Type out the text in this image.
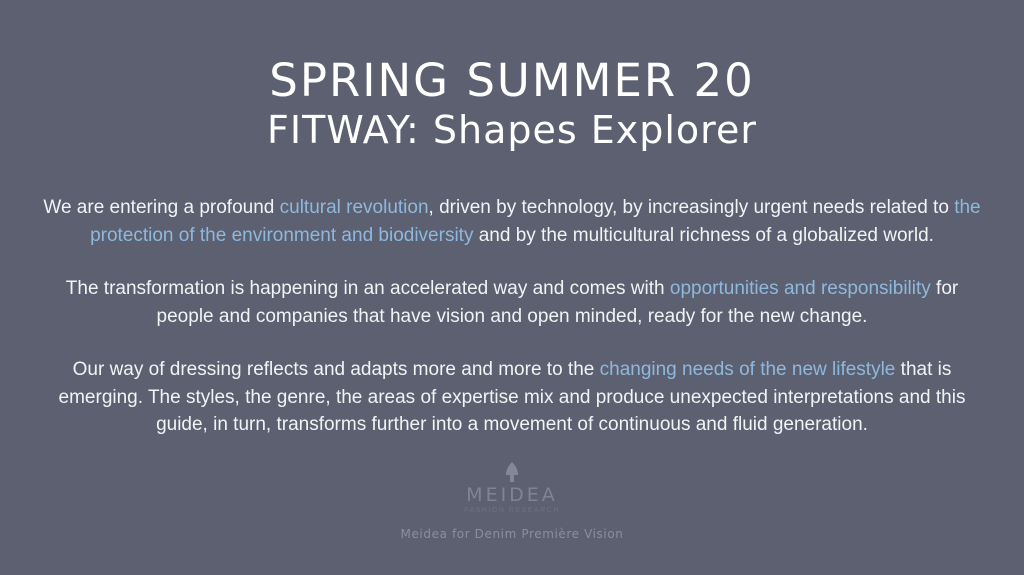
SPRING SUMMER 20
FITWAY: Shapes Explorer

We are entering a profound cultural revolution, driven by technology, by increasingly urgent needs related to the protection of the environment and biodiversity and by the multicultural richness of a globalized world.

The transformation is happening in an accelerated way and comes with opportunities and responsibility for people and companies that have vision and open minded, ready for the new change.

Our way of dressing reflects and adapts more and more to the changing needs of the new lifestyle that is emerging. The styles, the genre, the areas of expertise mix and produce unexpected interpretations and this guide, in turn, transforms further into a movement of continuous and fluid generation.

MEIDEA
FASHION RESEARCH
Meidea for Denim Première Vision
